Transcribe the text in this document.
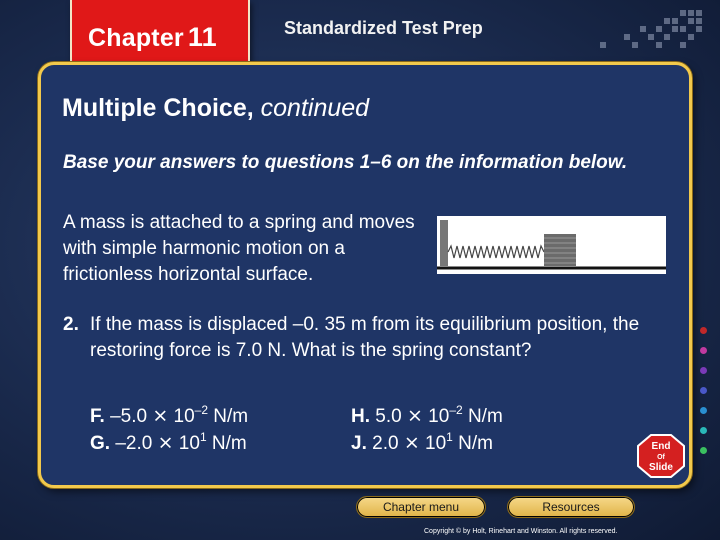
Chapter 11	Standardized Test Prep
Multiple Choice, continued
Base your answers to questions 1–6 on the information below.
A mass is attached to a spring and moves with simple harmonic motion on a frictionless horizontal surface.
2. If the mass is displaced –0. 35 m from its equilibrium position, the restoring force is 7.0 N. What is the spring constant?
F. –5.0 ⨯ $10^{-2}$ N/m
G. –2.0 ⨯ $10^1$ N/m
H. 5.0 ⨯ $10^{-2}$ N/m
J. 2.0 ⨯ $10^1$ N/m	End
Of
Slide
Chapter menu	Resources
Copyright © by Holt, Rinehart and Winston. All rights reserved.
